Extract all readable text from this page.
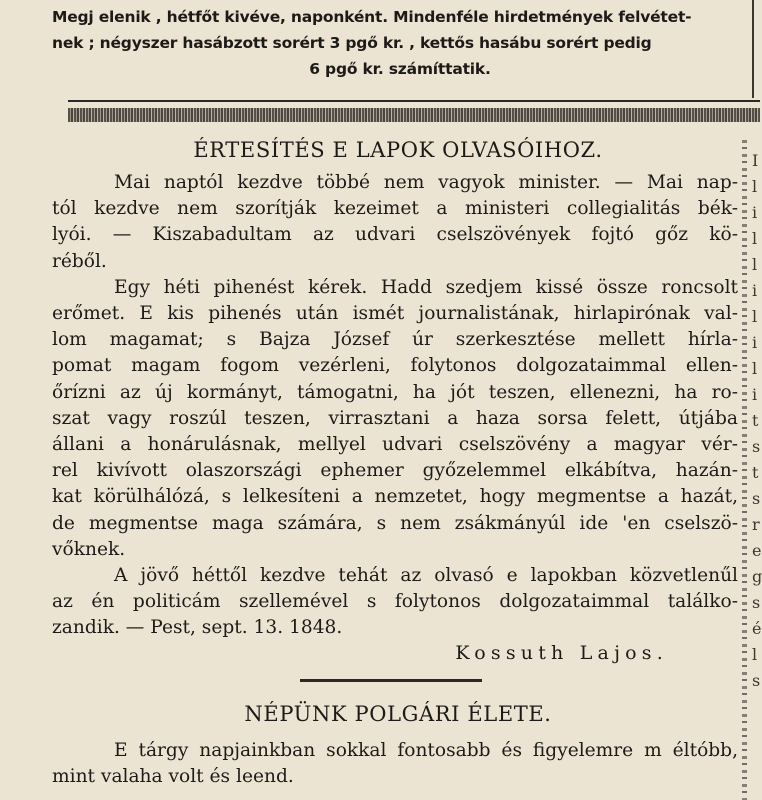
Megj elenik , hétfőt kivéve, naponként. Mindenféle hirdetmények felvétet-
nek ; négyszer hasábzott sorért 3 pgő kr. , kettős hasábu sorért pedig
6 pgő kr. számíttatik.
I
l
i
l
l
i
l
i
l
i
t
s
t
s
r
e
g
s
é
l
s
ÉRTESÍTÉS E LAPOK OLVASÓIHOZ.
Mai naptól kezdve többé nem vagyok minister. — Mai nap-
tól kezdve nem szorítják kezeimet a ministeri collegialitás bék-
lyói. — Kiszabadultam az udvari cselszövények fojtó gőz kö-
réből.
Egy héti pihenést kérek. Hadd szedjem kissé össze roncsolt
erőmet. E kis pihenés után ismét journalistának, hirlapirónak val-
lom magamat; s Bajza József úr szerkesztése mellett hírla-
pomat magam fogom vezérleni, folytonos dolgozataimmal ellen-
őrízni az új kormányt, támogatni, ha jót teszen, ellenezni, ha ro-
szat vagy roszúl teszen, virrasztani a haza sorsa felett, útjába
állani a honárulásnak, mellyel udvari cselszövény a magyar vér-
rel kivívott olaszországi ephemer győzelemmel elkábítva, hazán-
kat körülhálózá, s lelkesíteni a nemzetet, hogy megmentse a hazát,
de megmentse maga számára, s nem zsákmányúl ide 'en cselszö-
vőknek.
A jövő héttől kezdve tehát az olvasó e lapokban közvetlenűl
az én politicám szellemével s folytonos dolgozataimmal találko-
zandik. — Pest, sept. 13. 1848.
Kossuth Lajos.
NÉPÜNK POLGÁRI ÉLETE.
E tárgy napjainkban sokkal fontosabb és figyelemre m éltóbb,
mint valaha volt és leend.
